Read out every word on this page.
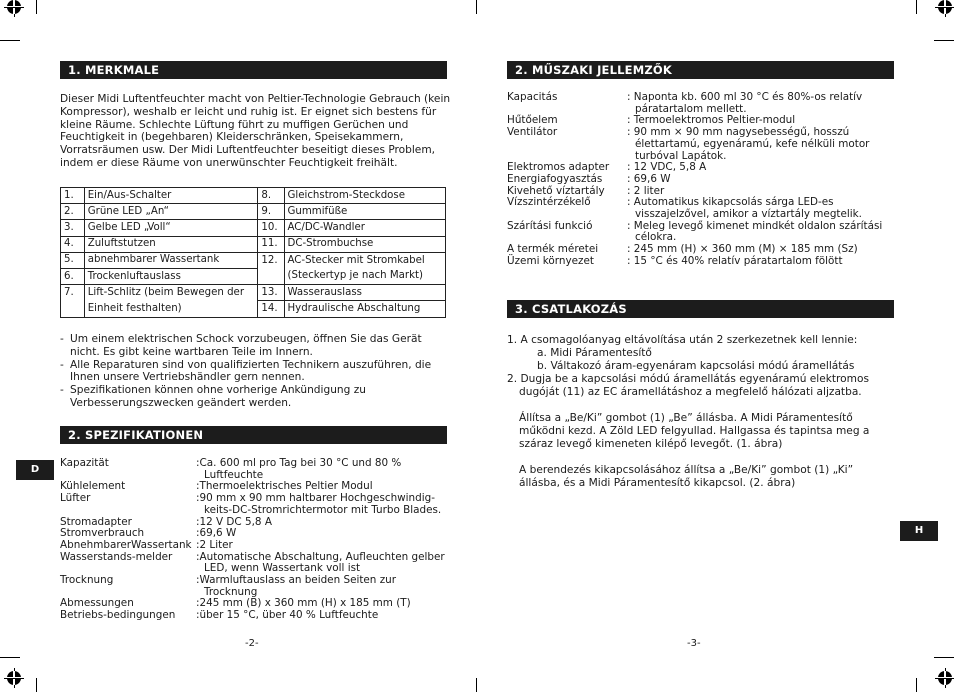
1. MERKMALE

Dieser Midi Luftentfeuchter macht von Peltier-Technologie Gebrauch (kein Kompressor), weshalb er leicht und ruhig ist. Er eignet sich bestens für kleine Räume. Schlechte Lüftung führt zu muffigen Gerüchen und Feuchtigkeit in (begehbaren) Kleiderschränken, Speisekammern, Vorratsräumen usw. Der Midi Luftentfeuchter beseitigt dieses Problem, indem er diese Räume von unerwünschter Feuchtigkeit freihält.

1.	Ein/Aus-Schalter	8.	Gleichstrom-Steckdose
2.	Grüne LED „An“	9.	Gummifüße
3.	Gelbe LED „Voll“	10.	AC/DC-Wandler
4.	Zuluftstutzen	11.	DC-Strombuchse
5.	abnehmbarer Wassertank	12.	AC-Stecker mit Stromkabel
6.	Trockenluftauslass		(Steckertyp je nach Markt)
7.	Lift-Schlitz (beim Bewegen der	13.	Wasserauslass
	Einheit festhalten)	14.	Hydraulische Abschaltung
- Um einem elektrischen Schock vorzubeugen, öffnen Sie das Gerät nicht. Es gibt keine wartbaren Teile im Innern.
- Alle Reparaturen sind von qualifizierten Technikern auszuführen, die Ihnen unsere Vertriebshändler gern nennen.
- Spezifikationen können ohne vorherige Ankündigung zu Verbesserungszwecken geändert werden.
2. SPEZIFIKATIONEN
Kapazität	:Ca. 600 ml pro Tag bei 30 °C und 80 % Luftfeuchte
Kühlelement	:Thermoelektrisches Peltier Modul
Lüfter	:90 mm x 90 mm haltbarer Hochgeschwindig-keits-DC-Stromrichtermotor mit Turbo Blades.
Stromadapter	:12 V DC 5,8 A
Stromverbrauch	:69,6 W
AbnehmbarerWassertank :2 Liter
Wasserstands-melder	:Automatische Abschaltung, Aufleuchten gelber LED, wenn Wassertank voll ist
Trocknung	:Warmluftauslass an beiden Seiten zur Trocknung
Abmessungen	:245 mm (B) x 360 mm (H) x 185 mm (T)
Betriebs-bedingungen	:über 15 °C, über 40 % Luftfeuchte
D
-2-
2. MŰSZAKI JELLEMZŐK
Kapacitás	: Naponta kb. 600 ml 30 °C és 80%-os relatív páratartalom mellett.
Hűtőelem	: Termoelektromos Peltier-modul
Ventilátor	: 90 mm × 90 mm nagysebességű, hosszú élettartamú, egyenáramú, kefe nélküli motor turbóval Lapátok.
Elektromos adapter	: 12 VDC, 5,8 A
Energiafogyasztás	: 69,6 W
Kivehető víztartály	: 2 liter
Vízszintérzékelő	: Automatikus kikapcsolás sárga LED-es visszajelzővel, amikor a víztartály megtelik.
Szárítási funkció	: Meleg levegő kimenet mindkét oldalon szárítási célokra.
A termék méretei	: 245 mm (H) × 360 mm (M) × 185 mm (Sz)
Üzemi környezet	: 15 °C és 40% relatív páratartalom fölött
3. CSATLAKOZÁS

1. A csomagolóanyag eltávolítása után 2 szerkezetnek kell lennie:

a. Midi Páramentesítő

b. Váltakozó áram-egyenáram kapcsolási módú áramellátás

2. Dugja be a kapcsolási módú áramellátás egyenáramú elektromos dugóját (11) az EC áramellátáshoz a megfelelő hálózati aljzatba.

Állítsa a „Be/Ki” gombot (1) „Be” állásba. A Midi Páramentesítő működni kezd. A Zöld LED felgyullad. Hallgassa és tapintsa meg a száraz levegő kimeneten kilépő levegőt. (1. ábra)

A berendezés kikapcsolásához állítsa a „Be/Ki” gombot (1) „Ki” állásba, és a Midi Páramentesítő kikapcsol. (2. ábra)

H
-3-
